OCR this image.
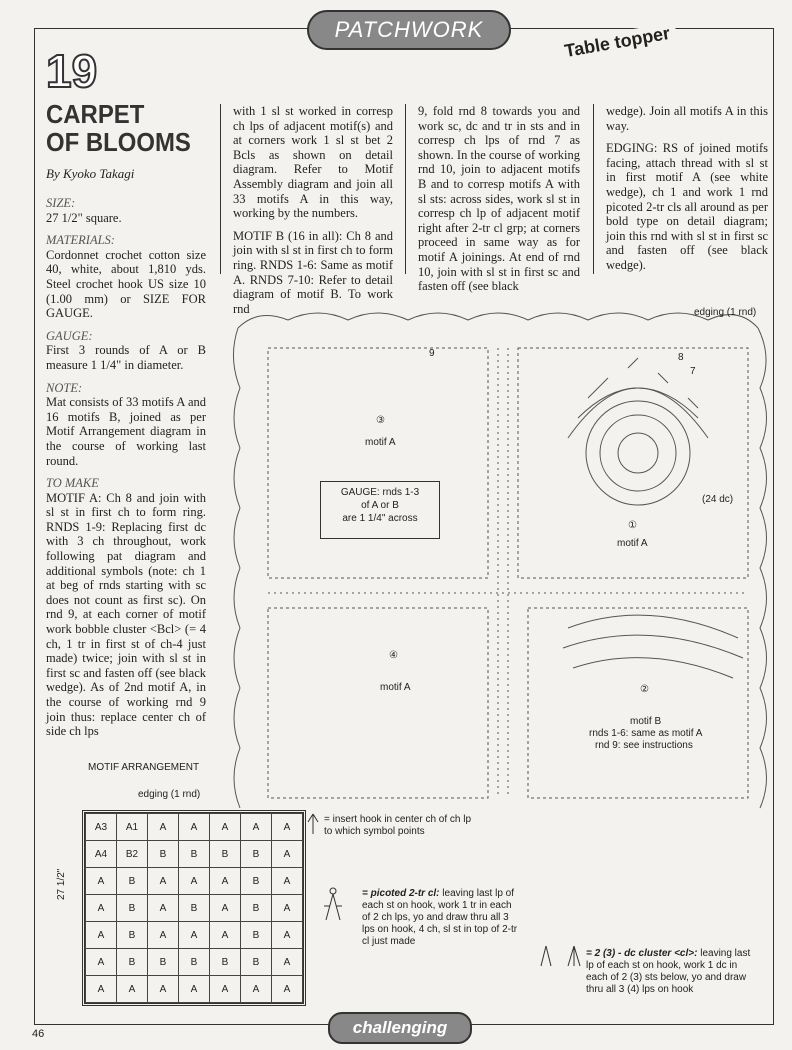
PATCHWORK	Table topper
19
CARPET
OF BLOOMS
By Kyoko Takagi

SIZE:
27 1/2" square.

MATERIALS:
Cordonnet crochet cotton size 40, white, about 1,810 yds. Steel crochet hook US size 10 (1.00 mm) or SIZE FOR GAUGE.

GAUGE:
First 3 rounds of A or B measure 1 1/4" in diameter.

NOTE:
Mat consists of 33 motifs A and 16 motifs B, joined as per Motif Arrangement diagram in the course of working last round.

TO MAKE
MOTIF A: Ch 8 and join with sl st in first ch to form ring. RNDS 1-9: Replacing first dc with 3 ch throughout, work following pat diagram and additional symbols (note: ch 1 at beg of rnds starting with sc does not count as first sc). On rnd 9, at each corner of motif work bobble cluster <Bcl> (= 4 ch, 1 tr in first st of ch-4 just made) twice; join with sl st in first sc and fasten off (see black wedge). As of 2nd motif A, in the course of working rnd 9 join thus: replace center ch of side ch lps

with 1 sl st worked in corresp ch lps of adjacent motif(s) and at corners work 1 sl st bet 2 Bcls as shown on detail diagram. Refer to Motif Assembly diagram and join all 33 motifs A in this way, working by the numbers.

MOTIF B (16 in all): Ch 8 and join with sl st in first ch to form ring. RNDS 1-6: Same as motif A. RNDS 7-10: Refer to detail diagram of motif B. To work rnd

9, fold rnd 8 towards you and work sc, dc and tr in sts and in corresp ch lps of rnd 7 as shown. In the course of working rnd 10, join to adjacent motifs B and to corresp motifs A with sl sts: across sides, work sl st in corresp ch lp of adjacent motif right after 2-tr cl grp; at corners proceed in same way as for motif A joinings. At end of rnd 10, join with sl st in first sc and fasten off (see black

wedge). Join all motifs A in this way.

EDGING: RS of joined motifs facing, attach thread with sl st in first motif A (see white wedge), ch 1 and work 1 rnd picoted 2-tr cls all around as per bold type on detail diagram; join this rnd with sl st in first sc and fasten off (see black wedge).

edging (1 rnd)
③
motif A
(24 dc)
①
motif A
④
motif A	②
motif B
rnds 1-6: same as motif A
rnd 9: see instructions
9	8
7
GAUGE: rnds 1-3
of A or B
are 1 1/4" across
MOTIF ARRANGEMENT
edging (1 rnd)
27 1/2"
A3	A1	A	A	A	A	A
A4	B2	B	B	B	B	A
A	B	A	A	A	B	A
A	B	A	B	A	B	A
A	B	A	A	A	B	A
A	B	B	B	B	B	A
A	A	A	A	A	A	A
= insert hook in center ch of ch lp to which symbol points
= picoted 2-tr cl: leaving last lp of each st on hook, work 1 tr in each of 2 ch lps, yo and draw thru all 3 lps on hook, 4 ch, sl st in top of 2-tr cl just made
= 2 (3) - dc cluster <cl>: leaving last lp of each st on hook, work 1 dc in each of 2 (3) sts below, yo and draw thru all 3 (4) lps on hook
challenging
46
